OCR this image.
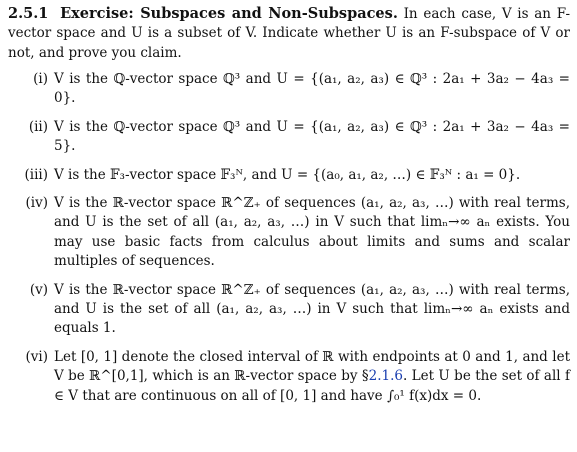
2.5.1 Exercise: Subspaces and Non-Subspaces. In each case, V is an F-vector space and U is a subset of V. Indicate whether U is an F-subspace of V or not, and prove you claim.

(i) V is the ℚ-vector space ℚ³ and U = {(a₁, a₂, a₃) ∈ ℚ³ : 2a₁ + 3a₂ − 4a₃ = 0}.
(ii) V is the ℚ-vector space ℚ³ and U = {(a₁, a₂, a₃) ∈ ℚ³ : 2a₁ + 3a₂ − 4a₃ = 5}.
(iii) V is the 𝔽₃-vector space 𝔽₃ᴺ, and U = {(a₀, a₁, a₂, …) ∈ 𝔽₃ᴺ : a₁ = 0}.
(iv) V is the ℝ-vector space ℝ^ℤ₊ of sequences (a₁, a₂, a₃, …) with real terms, and U is the set of all (a₁, a₂, a₃, …) in V such that limₙ→∞ aₙ exists. You may use basic facts from calculus about limits and sums and scalar multiples of sequences.
(v) V is the ℝ-vector space ℝ^ℤ₊ of sequences (a₁, a₂, a₃, …) with real terms, and U is the set of all (a₁, a₂, a₃, …) in V such that limₙ→∞ aₙ exists and equals 1.
(vi) Let [0, 1] denote the closed interval of ℝ with endpoints at 0 and 1, and let V be ℝ^[0,1], which is an ℝ-vector space by §2.1.6. Let U be the set of all f ∈ V that are continuous on all of [0, 1] and have ∫₀¹ f(x)dx = 0.
